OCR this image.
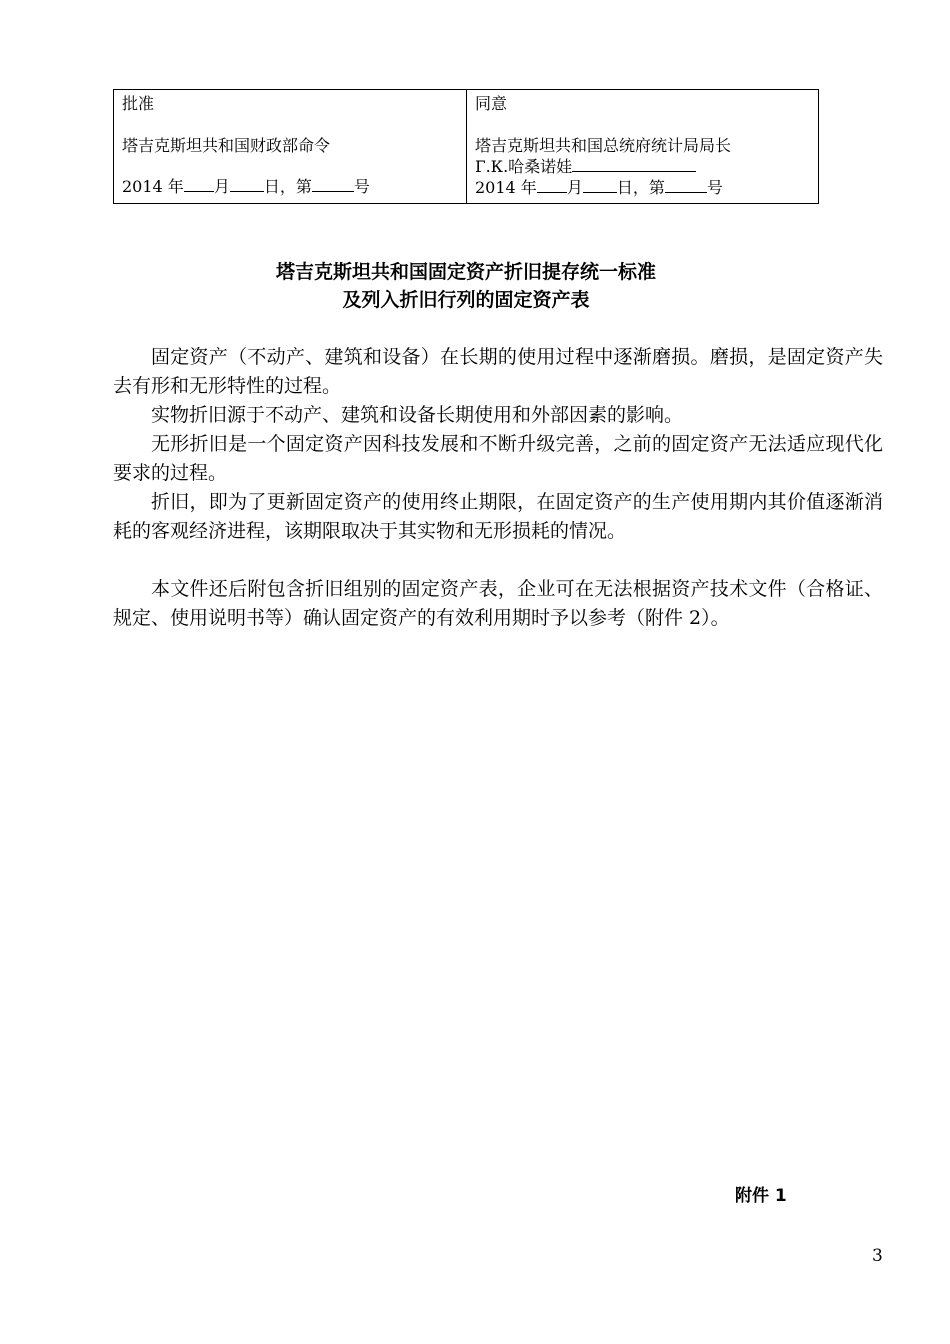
批准

塔吉克斯坦共和国财政部命令

2014 年 月 日，第	号

同意

塔吉克斯坦共和国总统府统计局局长

Г.К.哈桑诺娃

2014 年 月 日，第	号

塔吉克斯坦共和国固定资产折旧提存统一标准
及列入折旧行列的固定资产表

固定资产（不动产、建筑和设备）在长期的使用过程中逐渐磨损。磨损，是固定资产失去有形和无形特性的过程。

实物折旧源于不动产、建筑和设备长期使用和外部因素的影响。

无形折旧是一个固定资产因科技发展和不断升级完善，之前的固定资产无法适应现代化要求的过程。

折旧，即为了更新固定资产的使用终止期限，在固定资产的生产使用期内其价值逐渐消耗的客观经济进程，该期限取决于其实物和无形损耗的情况。

本文件还后附包含折旧组别的固定资产表，企业可在无法根据资产技术文件（合格证、规定、使用说明书等）确认固定资产的有效利用期时予以参考（附件 2）。

附件 1
3
